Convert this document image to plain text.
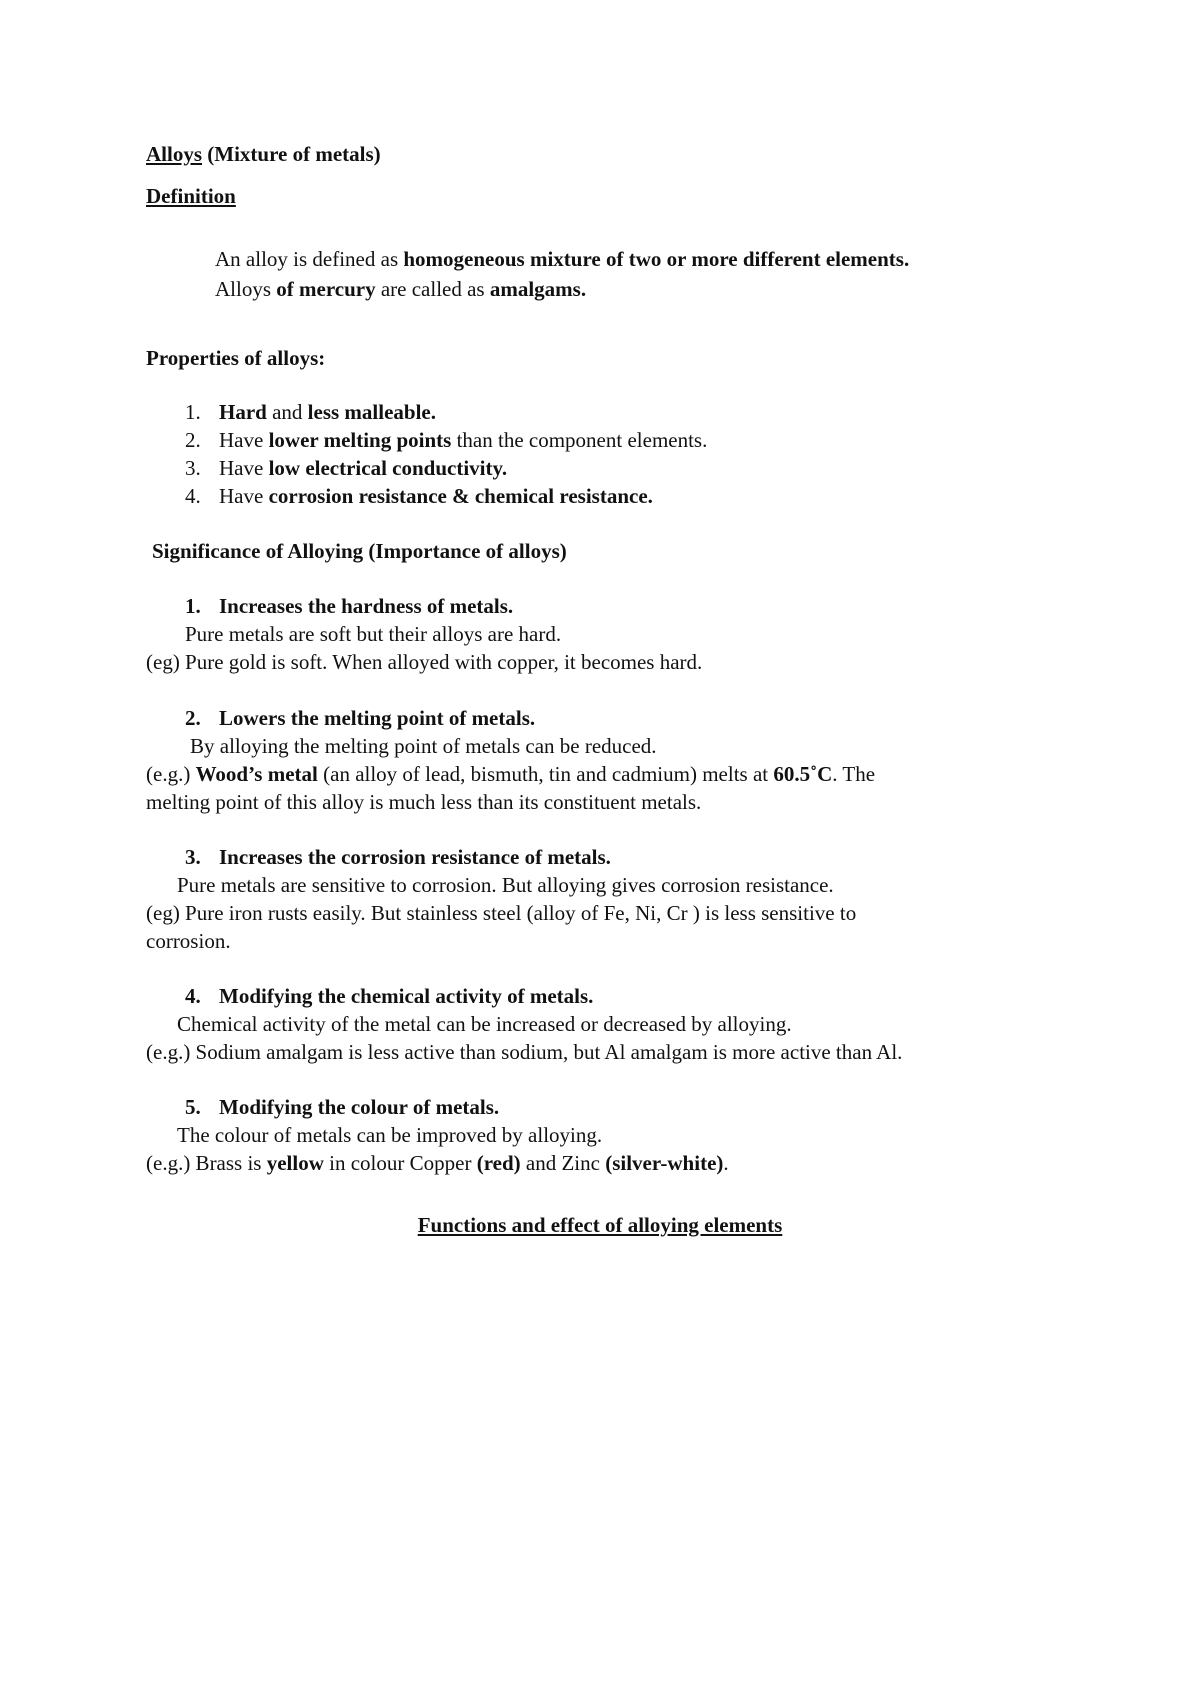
Alloys (Mixture of metals)
Definition
An alloy is defined as homogeneous mixture of two or more different elements.
Alloys of mercury are called as amalgams.
Properties of alloys:
1. Hard and less malleable.
2. Have lower melting points than the component elements.
3. Have low electrical conductivity.
4. Have corrosion resistance & chemical resistance.
Significance of Alloying (Importance of alloys)
1. Increases the hardness of metals.
Pure metals are soft but their alloys are hard.
(eg) Pure gold is soft. When alloyed with copper, it becomes hard.
2. Lowers the melting point of metals.
By alloying the melting point of metals can be reduced.
(e.g.) Wood’s metal (an alloy of lead, bismuth, tin and cadmium) melts at 60.5˚C. The
melting point of this alloy is much less than its constituent metals.
3. Increases the corrosion resistance of metals.
Pure metals are sensitive to corrosion. But alloying gives corrosion resistance.
(eg) Pure iron rusts easily. But stainless steel (alloy of Fe, Ni, Cr ) is less sensitive to
corrosion.
4. Modifying the chemical activity of metals.
Chemical activity of the metal can be increased or decreased by alloying.
(e.g.) Sodium amalgam is less active than sodium, but Al amalgam is more active than Al.
5. Modifying the colour of metals.
The colour of metals can be improved by alloying.
(e.g.) Brass is yellow in colour Copper (red) and Zinc (silver-white).
Functions and effect of alloying elements
